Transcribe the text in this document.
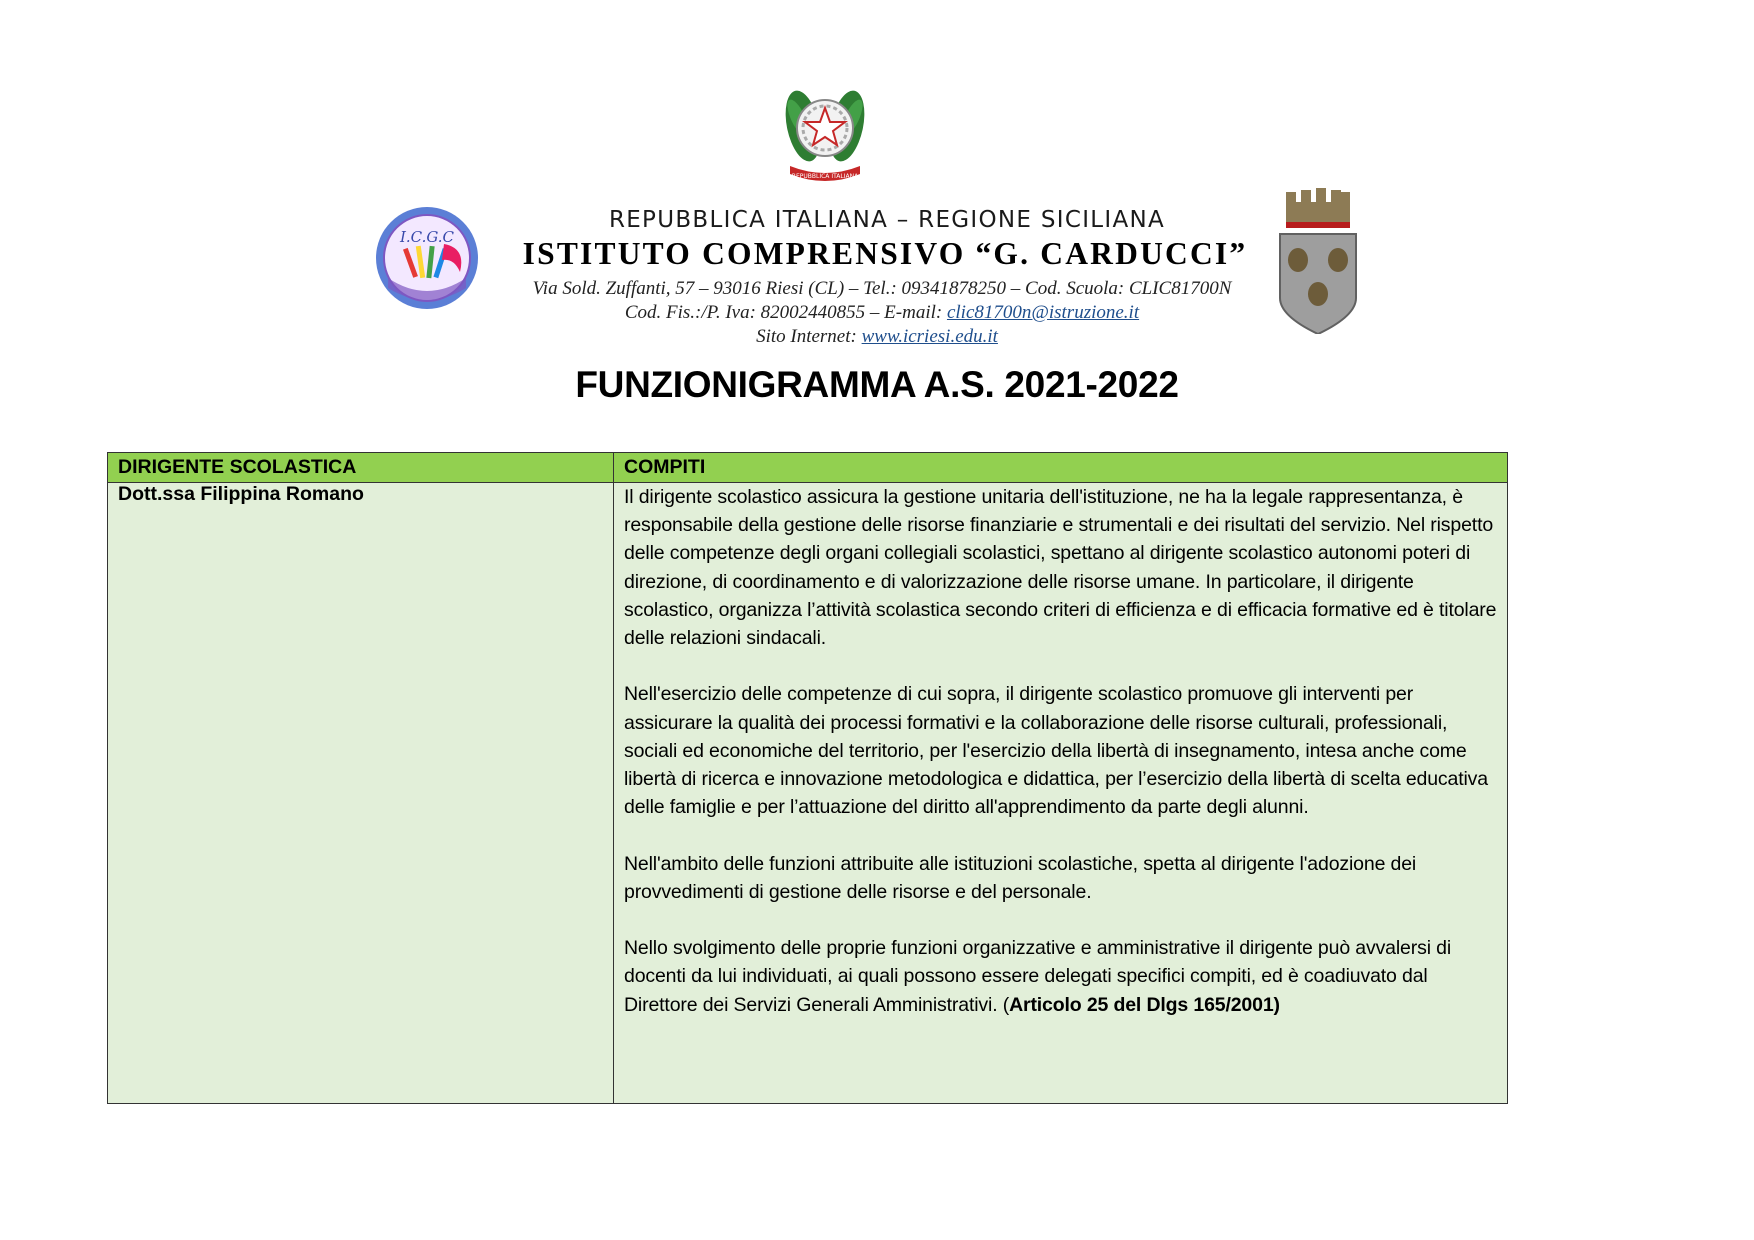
REPUBBLICA ITALIANA
I.C.G.C
REPUBBLICA ITALIANA – REGIONE SICILIANA
ISTITUTO COMPRENSIVO “G. CARDUCCI”
Via Sold. Zuffanti, 57 – 93016 Riesi (CL) – Tel.: 09341878250 – Cod. Scuola: CLIC81700N
Cod. Fis.:/P. Iva: 82002440855 – E-mail: clic81700n@istruzione.it
Sito Internet: www.icriesi.edu.it
FUNZIONIGRAMMA A.S. 2021-2022
DIRIGENTE SCOLASTICA	COMPITI
Dott.ssa Filippina Romano	Il dirigente scolastico assicura la gestione unitaria dell'istituzione, ne ha la legale rappresentanza, è responsabile della gestione delle risorse finanziarie e strumentali e dei risultati del servizio. Nel rispetto delle competenze degli organi collegiali scolastici, spettano al dirigente scolastico autonomi poteri di direzione, di coordinamento e di valorizzazione delle risorse umane. In particolare, il dirigente scolastico, organizza l’attività scolastica secondo criteri di efficienza e di efficacia formative ed è titolare delle relazioni sindacali.

Nell'esercizio delle competenze di cui sopra, il dirigente scolastico promuove gli interventi per assicurare la qualità dei processi formativi e la collaborazione delle risorse culturali, professionali, sociali ed economiche del territorio, per l'esercizio della libertà di insegnamento, intesa anche come libertà di ricerca e innovazione metodologica e didattica, per l’esercizio della libertà di scelta educativa delle famiglie e per l’attuazione del diritto all'apprendimento da parte degli alunni.

Nell'ambito delle funzioni attribuite alle istituzioni scolastiche, spetta al dirigente l'adozione dei provvedimenti di gestione delle risorse e del personale.

Nello svolgimento delle proprie funzioni organizzative e amministrative il dirigente può avvalersi di docenti da lui individuati, ai quali possono essere delegati specifici compiti, ed è coadiuvato dal Direttore dei Servizi Generali Amministrativi. (Articolo 25 del Dlgs 165/2001)
